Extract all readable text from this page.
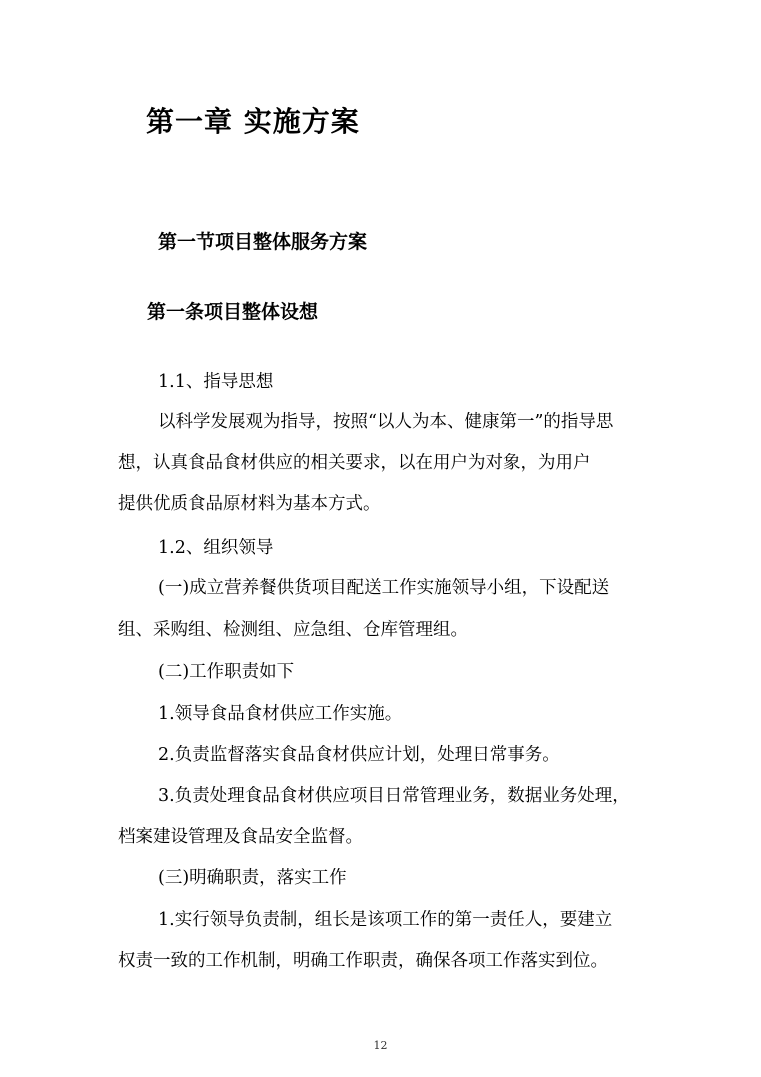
第一章 实施方案
第一节项目整体服务方案
第一条项目整体设想
1.1、指导思想
以科学发展观为指导，按照“以人为本、健康第一”的指导思
想，认真食品食材供应的相关要求，以在用户为对象，为用户
提供优质食品原材料为基本方式。
1.2、组织领导
(一)成立营养餐供货项目配送工作实施领导小组，下设配送
组、采购组、检测组、应急组、仓库管理组。
(二)工作职责如下
1.领导食品食材供应工作实施。
2.负责监督落实食品食材供应计划，处理日常事务。
3.负责处理食品食材供应项目日常管理业务，数据业务处理，
档案建设管理及食品安全监督。
(三)明确职责，落实工作
1.实行领导负责制，组长是该项工作的第一责任人，要建立
权责一致的工作机制，明确工作职责，确保各项工作落实到位。
12
